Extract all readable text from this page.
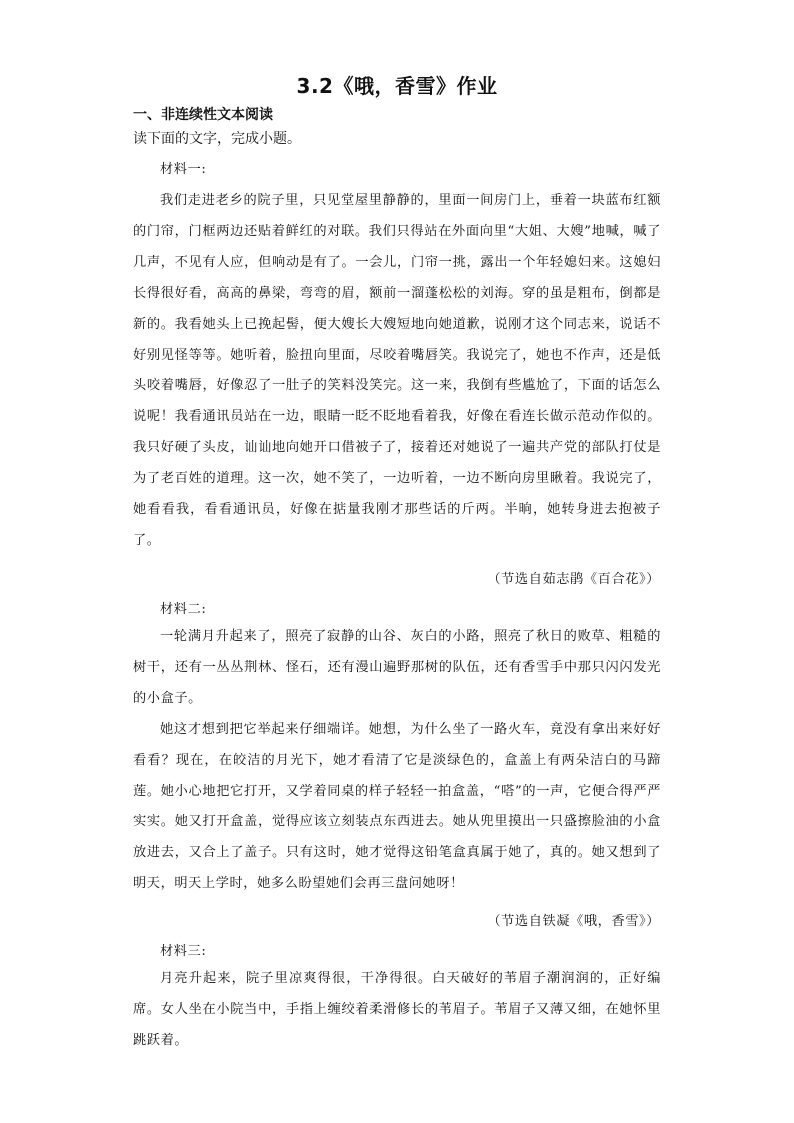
3.2《哦，香雪》作业
一、非连续性文本阅读
读下面的文字，完成小题。
材料一:

我们走进老乡的院子里，只见堂屋里静静的，里面一间房门上，垂着一块蓝布红额的门帘，门框两边还贴着鲜红的对联。我们只得站在外面向里“大姐、大嫂”地喊，喊了几声，不见有人应，但响动是有了。一会儿，门帘一挑，露出一个年轻媳妇来。这媳妇长得很好看，高高的鼻梁，弯弯的眉，额前一溜蓬松松的刘海。穿的虽是粗布，倒都是新的。我看她头上已挽起髻，便大嫂长大嫂短地向她道歉，说刚才这个同志来，说话不好别见怪等等。她听着，脸扭向里面，尽咬着嘴唇笑。我说完了，她也不作声，还是低头咬着嘴唇，好像忍了一肚子的笑料没笑完。这一来，我倒有些尴尬了，下面的话怎么说呢！我看通讯员站在一边，眼睛一眨不眨地看着我，好像在看连长做示范动作似的。我只好硬了头皮，讪讪地向她开口借被子了，接着还对她说了一遍共产党的部队打仗是为了老百姓的道理。这一次，她不笑了，一边听着，一边不断向房里瞅着。我说完了，她看看我，看看通讯员，好像在掂量我刚才那些话的斤两。半晌，她转身进去抱被子了。

（节选自茹志鹃《百合花》）
材料二:

一轮满月升起来了，照亮了寂静的山谷、灰白的小路，照亮了秋日的败草、粗糙的树干，还有一丛丛荆林、怪石，还有漫山遍野那树的队伍，还有香雪手中那只闪闪发光的小盒子。

她这才想到把它举起来仔细端详。她想，为什么坐了一路火车，竟没有拿出来好好看看？现在，在皎洁的月光下，她才看清了它是淡绿色的，盒盖上有两朵洁白的马蹄莲。她小心地把它打开，又学着同桌的样子轻轻一拍盒盖，“嗒”的一声，它便合得严严实实。她又打开盒盖，觉得应该立刻装点东西进去。她从兜里摸出一只盛擦脸油的小盒放进去，又合上了盖子。只有这时，她才觉得这铅笔盒真属于她了，真的。她又想到了明天，明天上学时，她多么盼望她们会再三盘问她呀！

（节选自铁凝《哦，香雪》）
材料三:

月亮升起来，院子里凉爽得很，干净得很。白天破好的苇眉子潮润润的，正好编席。女人坐在小院当中，手指上缠绞着柔滑修长的苇眉子。苇眉子又薄又细，在她怀里跳跃着。
